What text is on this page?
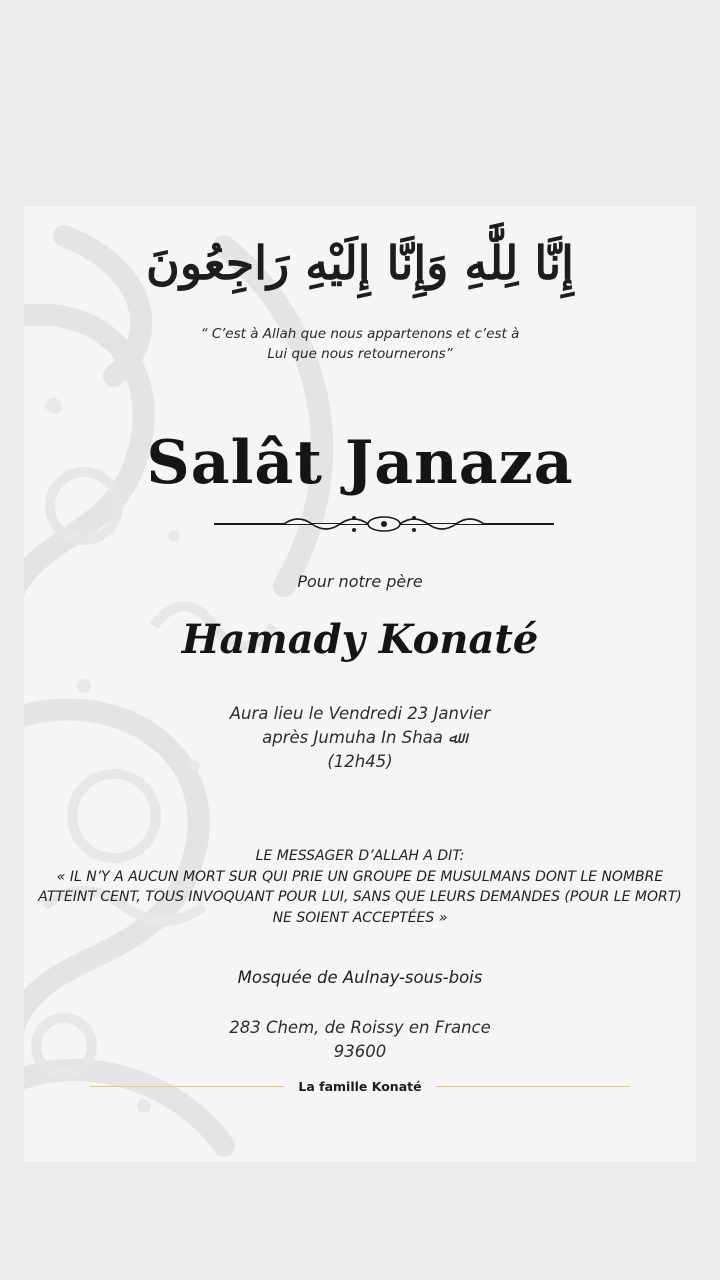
إِنَّا لِلَّٰهِ وَإِنَّا إِلَيْهِ رَاجِعُونَ
“ C’est à Allah que nous appartenons et c’est à Lui que nous retournerons”
Salât Janaza
Pour notre père
Hamady Konaté
Aura lieu le Vendredi 23 Janvier
après Jumuha In Shaa ﷲ
(12h45)
LE MESSAGER D’ALLAH A DIT:
« IL N’Y A AUCUN MORT SUR QUI PRIE UN GROUPE DE MUSULMANS DONT LE NOMBRE ATTEINT CENT, TOUS INVOQUANT POUR LUI, SANS QUE LEURS DEMANDES (POUR LE MORT) NE SOIENT ACCEPTÉES »
Mosquée de Aulnay-sous-bois
283 Chem, de Roissy en France
93600
La famille Konaté
